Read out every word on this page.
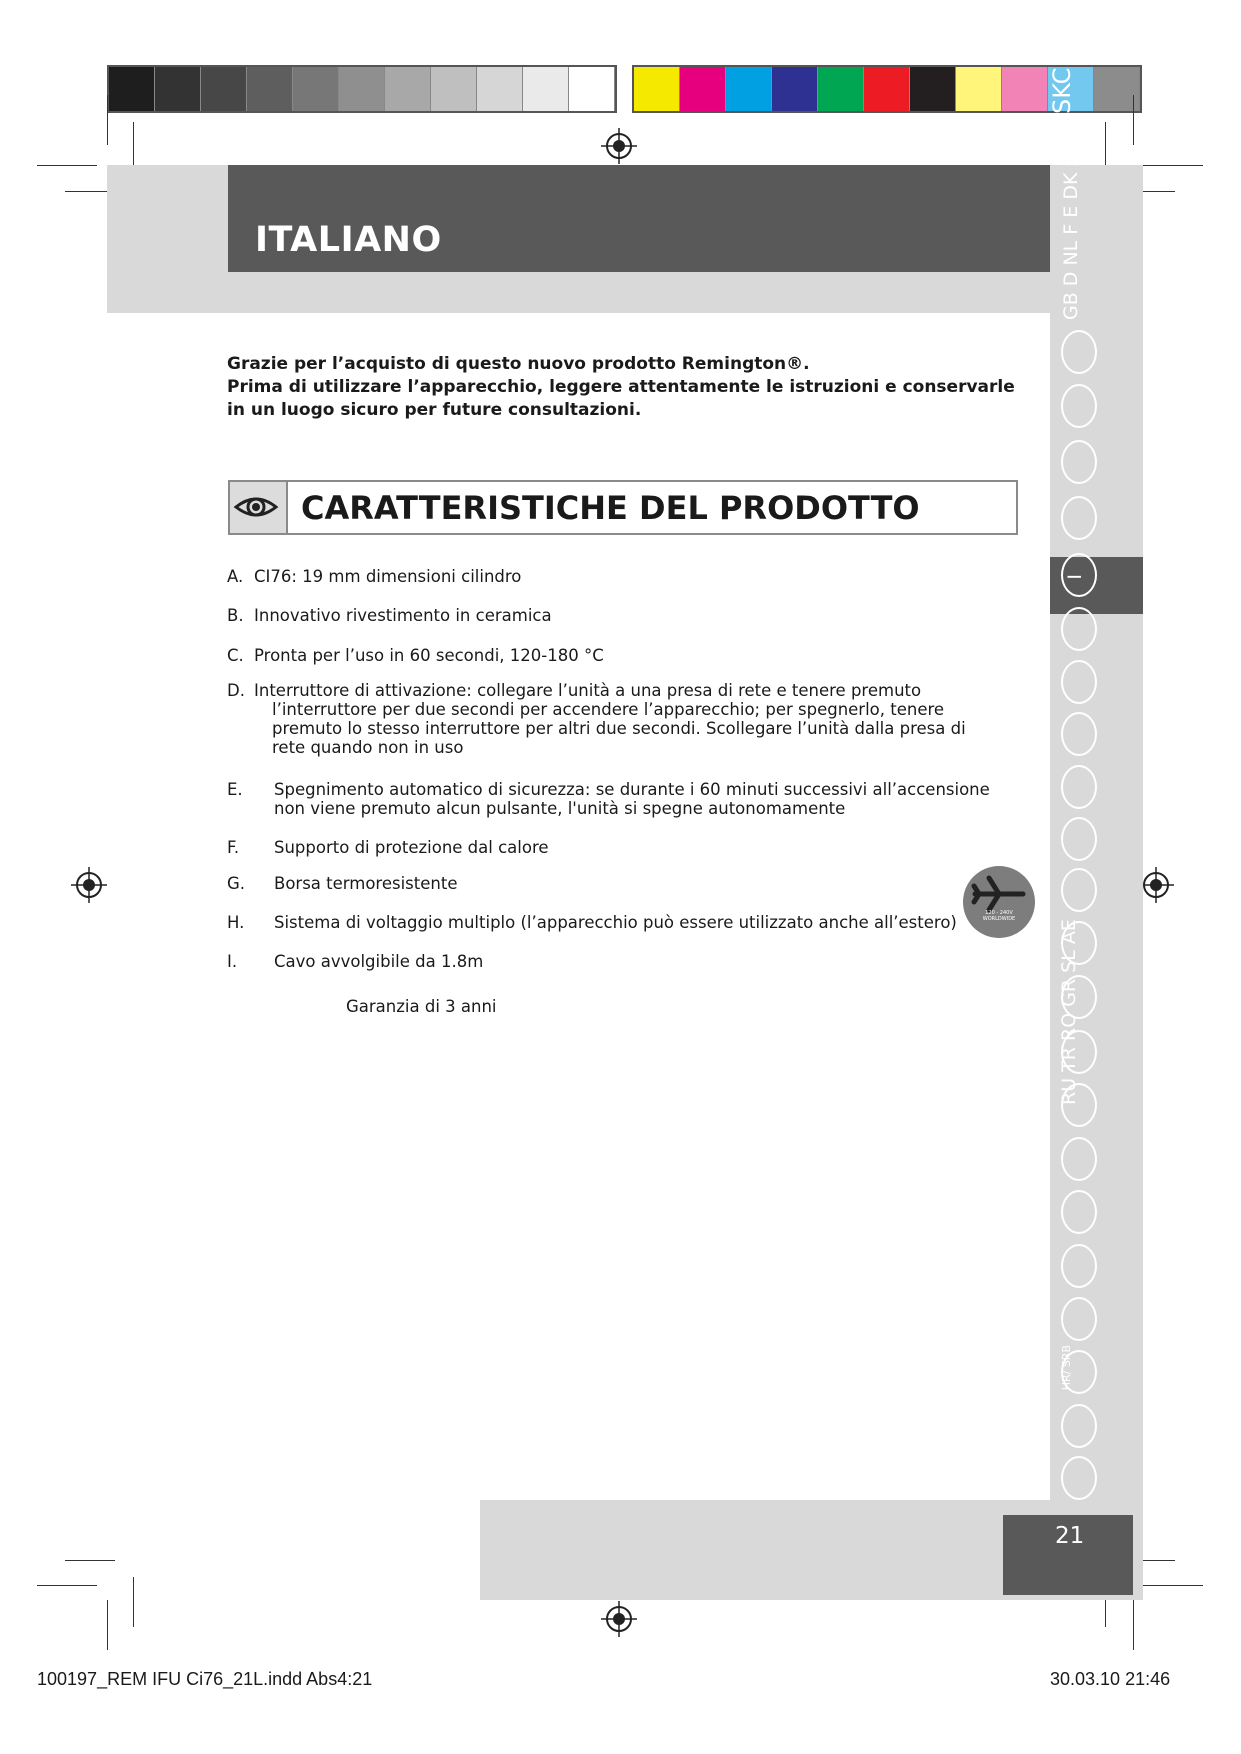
SKC
ITALIANO	GB D NL F E DK S
I
RU TR RO GR SL AE
HR/ SRB

Grazie per l’acquisto di questo nuovo prodotto Remington®.

Prima di utilizzare l’apparecchio, leggere attentamente le istruzioni e conservarle

in un luogo sicuro per future consultazioni.

CARATTERISTICHE DEL PRODOTTO
A. CI76: 19 mm dimensioni cilindro
B. Innovativo rivestimento in ceramica
C. Pronta per l’uso in 60 secondi, 120-180 °C
D. Interruttore di attivazione: collegare l’unità a una presa di rete e tenere premuto
l’interruttore per due secondi per accendere l’apparecchio; per spegnerlo, tenere
premuto lo stesso interruttore per altri due secondi. Scollegare l’unità dalla presa di
rete quando non in uso
E. Spegnimento automatico di sicurezza: se durante i 60 minuti successivi all’accensione
non viene premuto alcun pulsante, l'unità si spegne autonomamente
F. Supporto di protezione dal calore
G. Borsa termoresistente
H. Sistema di voltaggio multiplo (l’apparecchio può essere utilizzato anche all’estero)
I. Cavo avvolgibile da 1.8m
Garanzia di 3 anni
120 - 240V WORLDWIDE
21
100197_REM IFU Ci76_21L.indd Abs4:21	30.03.10 21:46
